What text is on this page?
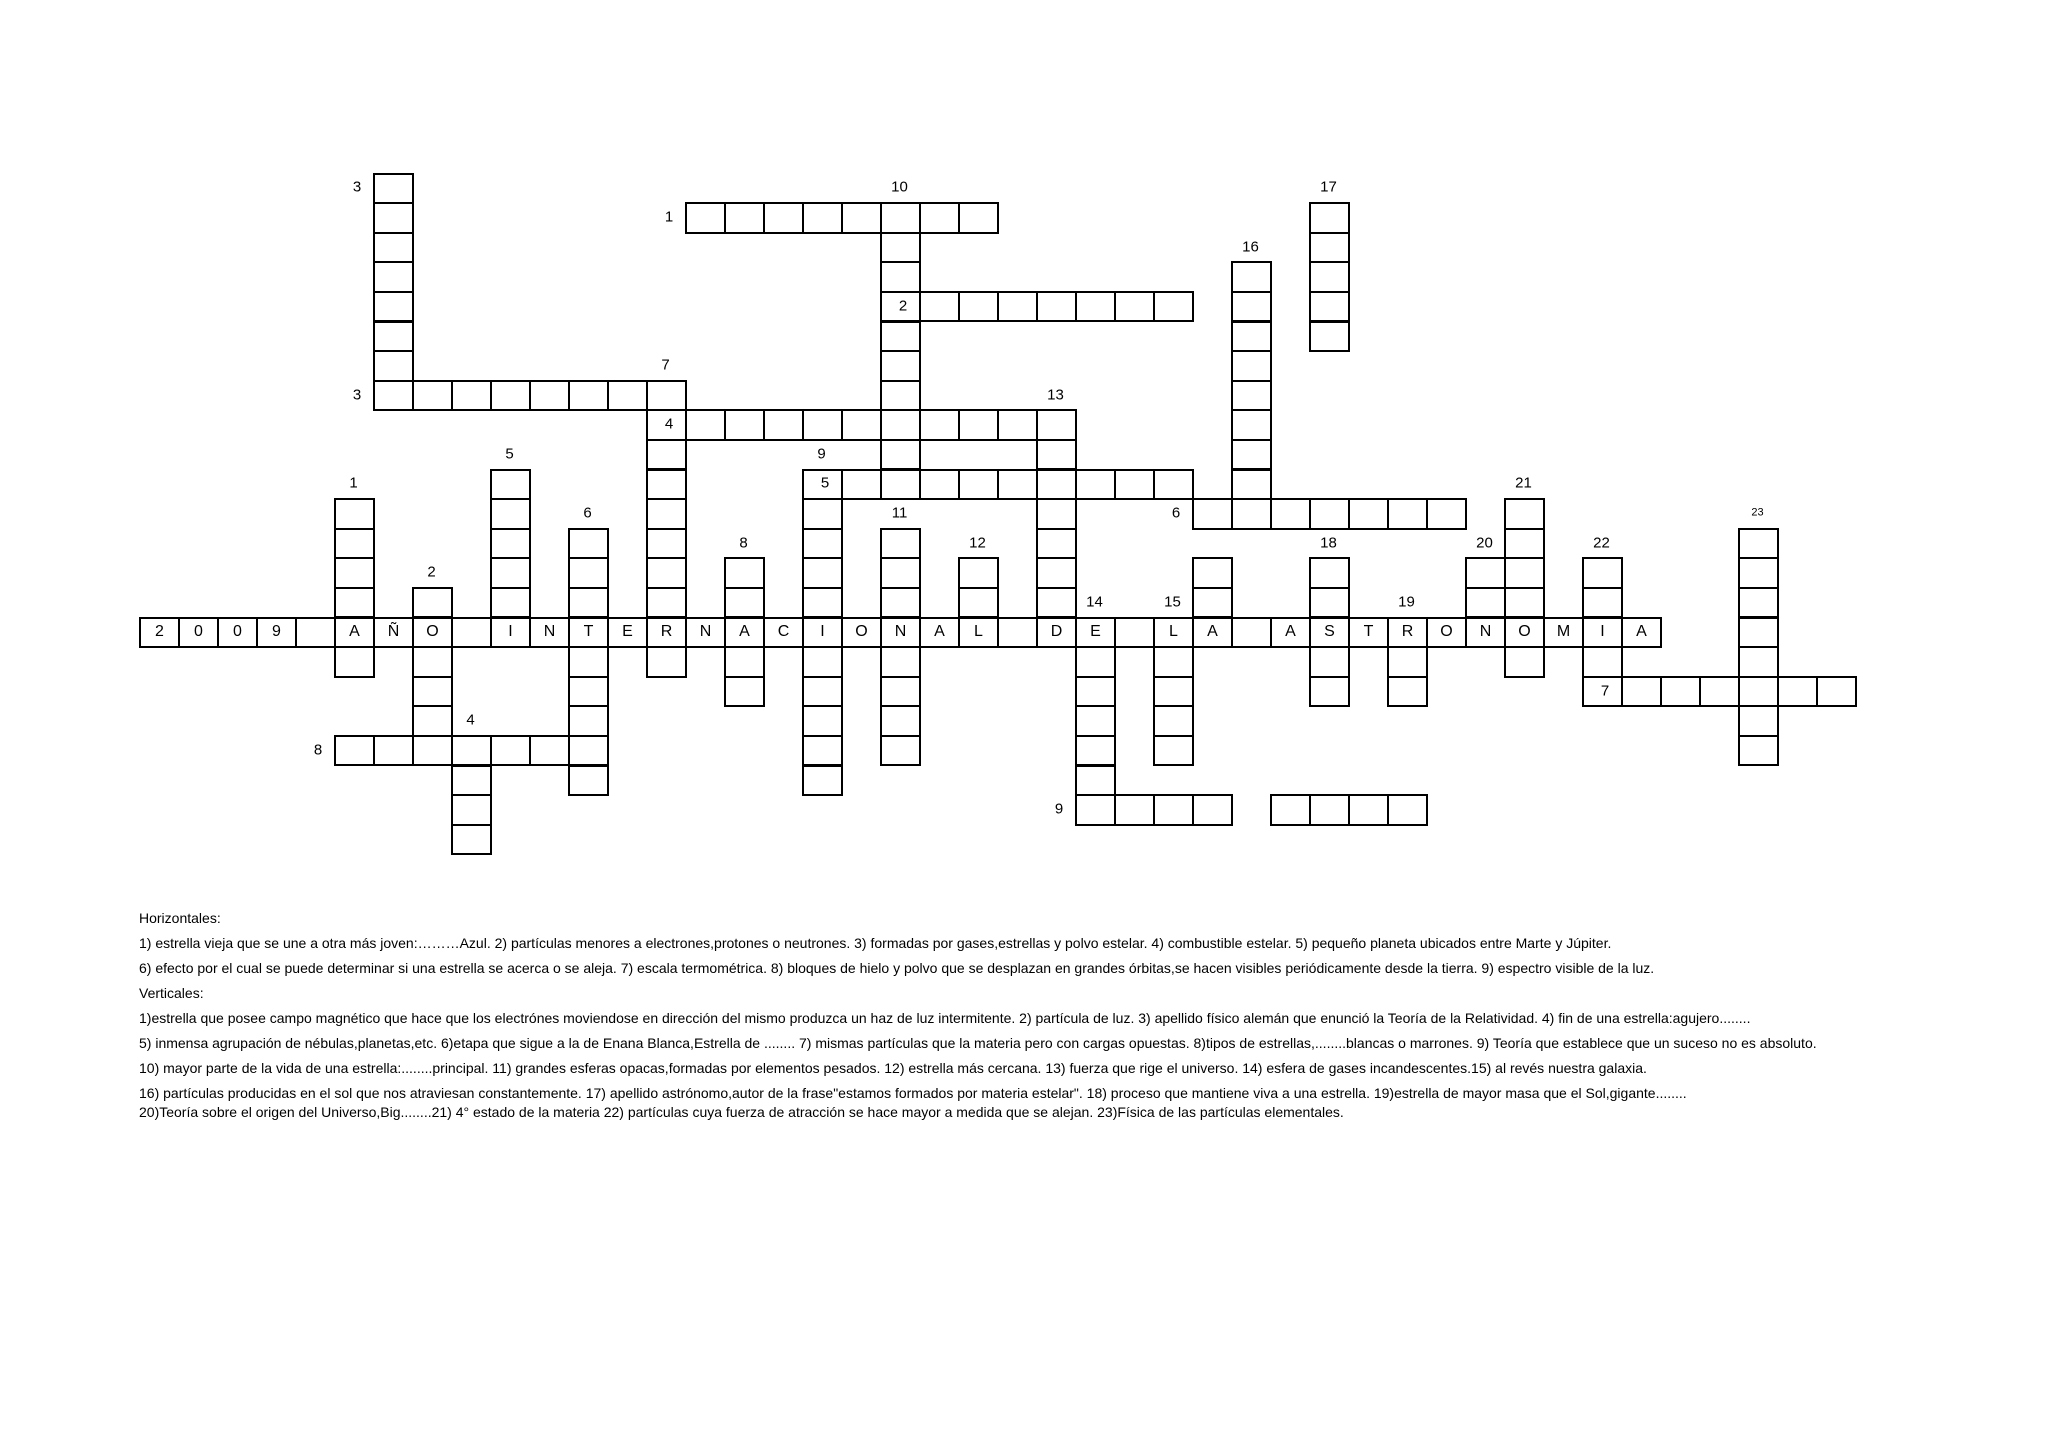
2	0	0	9	A	Ñ	O	I	N	T	E	R	N	A	C	I	O	N	A	L	D	E	L	A	A	S	T	R	O	N	O	M	I	A
1
2
3
4
5
6
7
8
9
3	10	17
16
7
13
1
5	9
21
6	11	23
8	12	18	20	22
2
14	15	19
4
Horizontales:
1) estrella vieja que se une a otra más joven:………Azul. 2) partículas menores a electrones,protones o neutrones. 3) formadas por gases,estrellas y polvo estelar. 4) combustible estelar. 5) pequeño planeta ubicados entre Marte y Júpiter.
6) efecto por el cual se puede determinar si una estrella se acerca o se aleja. 7) escala termométrica. 8) bloques de hielo y polvo que se desplazan en grandes órbitas,se hacen visibles periódicamente desde la tierra. 9) espectro visible de la luz.
Verticales:
1)estrella que posee campo magnético que hace que los electrónes moviendose en dirección del mismo produzca un haz de luz intermitente. 2) partícula de luz. 3) apellido físico alemán que enunció la Teoría de la Relatividad. 4) fin de una estrella:agujero........
5) inmensa agrupación de nébulas,planetas,etc. 6)etapa que sigue a la de Enana Blanca,Estrella de ........ 7) mismas partículas que la materia pero con cargas opuestas. 8)tipos de estrellas,........blancas o marrones. 9) Teoría que establece que un suceso no es absoluto.
10) mayor parte de la vida de una estrella:........principal. 11) grandes esferas opacas,formadas por elementos pesados. 12) estrella más cercana. 13) fuerza que rige el universo. 14) esfera de gases incandescentes.15) al revés nuestra galaxia.
16) partículas producidas en el sol que nos atraviesan constantemente. 17) apellido astrónomo,autor de la frase"estamos formados por materia estelar". 18) proceso que mantiene viva a una estrella. 19)estrella de mayor masa que el Sol,gigante........
20)Teoría sobre el origen del Universo,Big........21) 4° estado de la materia 22) partículas cuya fuerza de atracción se hace mayor a medida que se alejan. 23)Física de las partículas elementales.
